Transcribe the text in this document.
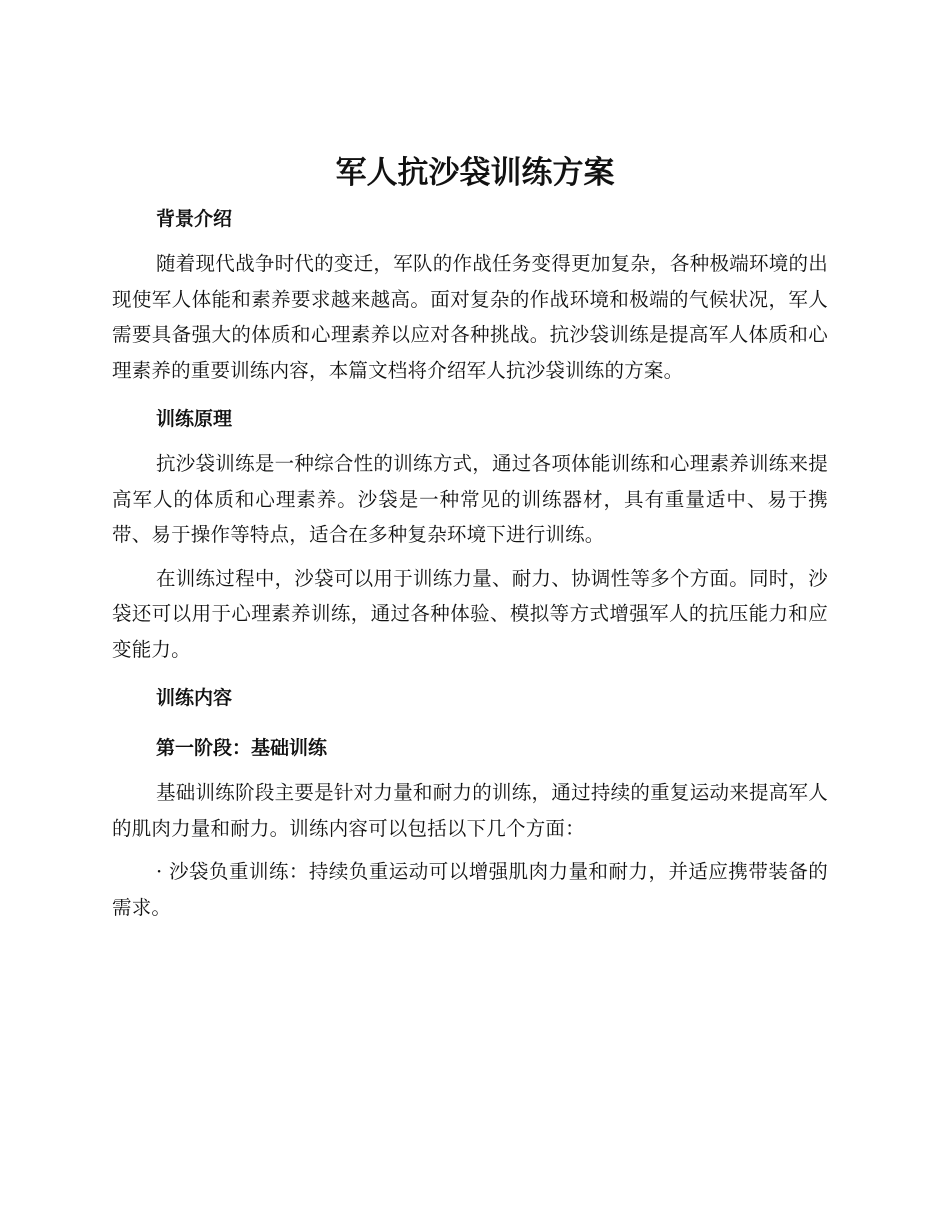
军人抗沙袋训练方案
背景介绍

随着现代战争时代的变迁，军队的作战任务变得更加复杂，各种极端环境的出现使军人体能和素养要求越来越高。面对复杂的作战环境和极端的气候状况，军人需要具备强大的体质和心理素养以应对各种挑战。抗沙袋训练是提高军人体质和心理素养的重要训练内容，本篇文档将介绍军人抗沙袋训练的方案。

训练原理

抗沙袋训练是一种综合性的训练方式，通过各项体能训练和心理素养训练来提高军人的体质和心理素养。沙袋是一种常见的训练器材，具有重量适中、易于携带、易于操作等特点，适合在多种复杂环境下进行训练。

在训练过程中，沙袋可以用于训练力量、耐力、协调性等多个方面。同时，沙袋还可以用于心理素养训练，通过各种体验、模拟等方式增强军人的抗压能力和应变能力。

训练内容
第一阶段：基础训练

基础训练阶段主要是针对力量和耐力的训练，通过持续的重复运动来提高军人的肌肉力量和耐力。训练内容可以包括以下几个方面：

· 沙袋负重训练：持续负重运动可以增强肌肉力量和耐力，并适应携带装备的需求。
